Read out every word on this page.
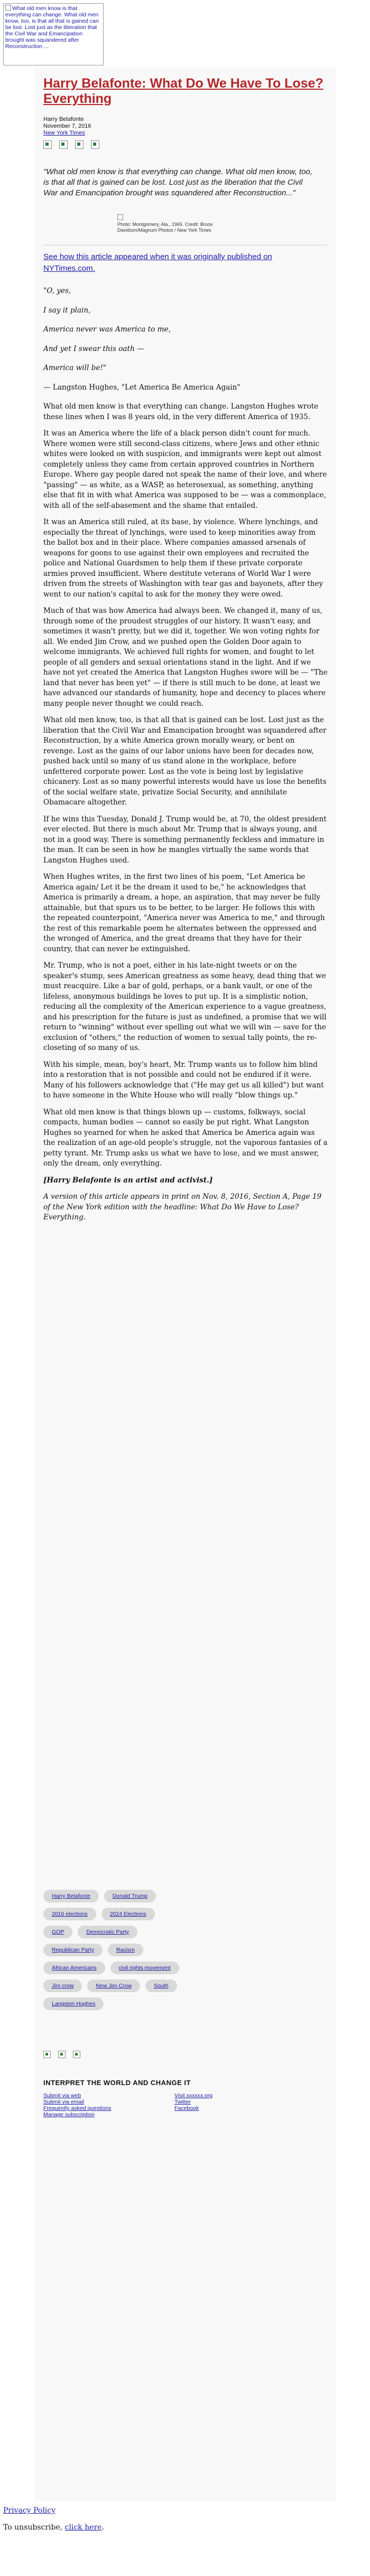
What old men know is that everything can change. What old men know, too, is that all that is gained can be lost. Lost just as the liberation that the Civil War and Emancipation brought was squandered after Reconstruction ...
Harry Belafonte: What Do We Have To Lose? Everything
Harry Belafonte
November 7, 2016
New York Times
"What old men know is that everything can change. What old men know, too, is that all that is gained can be lost. Lost just as the liberation that the Civil War and Emancipation brought was squandered after Reconstruction..."
Photo: Montgomery, Ala., 1965. Credit: Bruce
Davidson/Magnum Photos / New York Times
See how this article appeared when it was originally published on NYTimes.com.

"O, yes,

I say it plain,

America never was America to me,

And yet I swear this oath —

America will be!"

— Langston Hughes, "Let America Be America Again"

What old men know is that everything can change. Langston Hughes wrote these lines when I was 8 years old, in the very different America of 1935.

It was an America where the life of a black person didn't count for much. Where women were still second-class citizens, where Jews and other ethnic whites were looked on with suspicion, and immigrants were kept out almost completely unless they came from certain approved countries in Northern Europe. Where gay people dared not speak the name of their love, and where "passing" — as white, as a WASP, as heterosexual, as something, anything else that fit in with what America was supposed to be — was a commonplace, with all of the self-abasement and the shame that entailed.

It was an America still ruled, at its base, by violence. Where lynchings, and especially the threat of lynchings, were used to keep minorities away from the ballot box and in their place. Where companies amassed arsenals of weapons for goons to use against their own employees and recruited the police and National Guardsmen to help them if these private corporate armies proved insufficient. Where destitute veterans of World War I were driven from the streets of Washington with tear gas and bayonets, after they went to our nation's capital to ask for the money they were owed.

Much of that was how America had always been. We changed it, many of us, through some of the proudest struggles of our history. It wasn't easy, and sometimes it wasn't pretty, but we did it, together. We won voting rights for all. We ended Jim Crow, and we pushed open the Golden Door again to welcome immigrants. We achieved full rights for women, and fought to let people of all genders and sexual orientations stand in the light. And if we have not yet created the America that Langston Hughes swore will be — "The land that never has been yet" — if there is still much to be done, at least we have advanced our standards of humanity, hope and decency to places where many people never thought we could reach.

What old men know, too, is that all that is gained can be lost. Lost just as the liberation that the Civil War and Emancipation brought was squandered after Reconstruction, by a white America grown morally weary, or bent on revenge. Lost as the gains of our labor unions have been for decades now, pushed back until so many of us stand alone in the workplace, before unfettered corporate power. Lost as the vote is being lost by legislative chicanery. Lost as so many powerful interests would have us lose the benefits of the social welfare state, privatize Social Security, and annihilate Obamacare altogether.

If he wins this Tuesday, Donald J. Trump would be, at 70, the oldest president ever elected. But there is much about Mr. Trump that is always young, and not in a good way. There is something permanently feckless and immature in the man. It can be seen in how he mangles virtually the same words that Langston Hughes used.

When Hughes writes, in the first two lines of his poem, "Let America be America again/ Let it be the dream it used to be," he acknowledges that America is primarily a dream, a hope, an aspiration, that may never be fully attainable, but that spurs us to be better, to be larger. He follows this with the repeated counterpoint, "America never was America to me," and through the rest of this remarkable poem he alternates between the oppressed and the wronged of America, and the great dreams that they have for their country, that can never be extinguished.

Mr. Trump, who is not a poet, either in his late-night tweets or on the speaker's stump, sees American greatness as some heavy, dead thing that we must reacquire. Like a bar of gold, perhaps, or a bank vault, or one of the lifeless, anonymous buildings he loves to put up. It is a simplistic notion, reducing all the complexity of the American experience to a vague greatness, and his prescription for the future is just as undefined, a promise that we will return to "winning" without ever spelling out what we will win — save for the exclusion of "others," the reduction of women to sexual tally points, the re-closeting of so many of us.

With his simple, mean, boy's heart, Mr. Trump wants us to follow him blind into a restoration that is not possible and could not be endured if it were. Many of his followers acknowledge that ("He may get us all killed") but want to have someone in the White House who will really "blow things up."

What old men know is that things blown up — customs, folkways, social compacts, human bodies — cannot so easily be put right. What Langston Hughes so yearned for when he asked that America be America again was the realization of an age-old people's struggle, not the vaporous fantasies of a petty tyrant. Mr. Trump asks us what we have to lose, and we must answer, only the dream, only everything.

[Harry Belafonte is an artist and activist.]

A version of this article appears in print on Nov. 8, 2016, Section A, Page 19 of the New York edition with the headline: What Do We Have to Lose? Everything.

Harry Belafonte	Donald Trump
2016 elections	2024 Elections
GOP	Democratic Party
Republican Party	Racism
African Americans	civil rights movement
Jim crow	New Jim Crow	South
Langston Hughes
INTERPRET THE WORLD AND CHANGE IT
Submit via web
Submit via email
Frequently asked questions
Manage subscription
Visit xxxxxx.org
Twitter
Facebook
Privacy Policy
To unsubscribe, click here.
